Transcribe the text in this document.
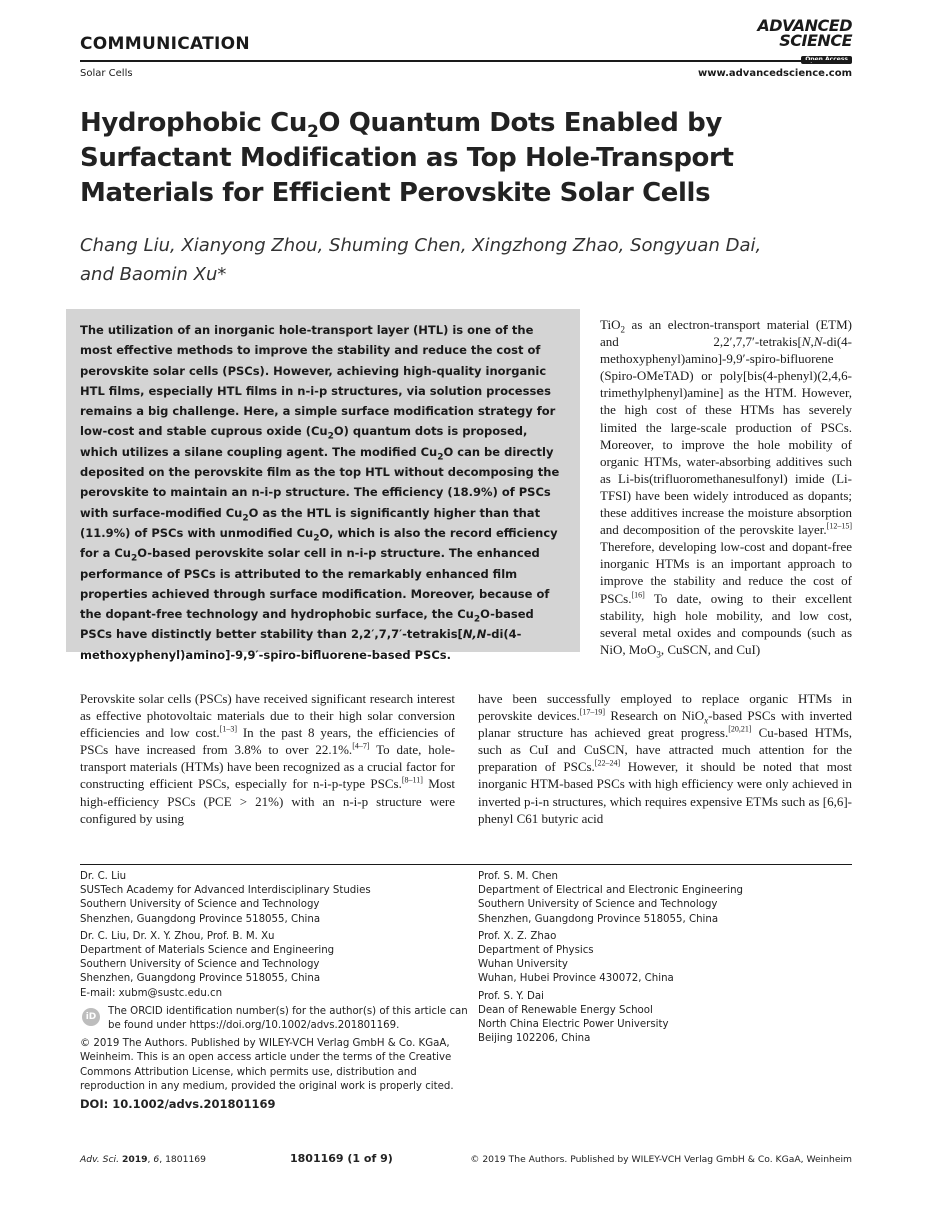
COMMUNICATION
ADVANCED
SCIENCE
Solar Cells	www.advancedscience.com
Hydrophobic $Cu_2O$ Quantum Dots Enabled by Surfactant Modification as Top Hole-Transport Materials for Efficient Perovskite Solar Cells
Chang Liu, Xianyong Zhou, Shuming Chen, Xingzhong Zhao, Songyuan Dai,
and Baomin Xu*
The utilization of an inorganic hole-transport layer (HTL) is one of the most effective methods to improve the stability and reduce the cost of perovskite solar cells (PSCs). However, achieving high-quality inorganic HTL films, especially HTL films in n-i-p structures, via solution processes remains a big challenge. Here, a simple surface modification strategy for low-cost and stable cuprous oxide $(Cu_2O)$ quantum dots is proposed, which utilizes a silane coupling agent. The modified $Cu_2O$ can be directly deposited on the perovskite film as the top HTL without decomposing the perovskite to maintain an n-i-p structure. The efficiency (18.9%) of PSCs with surface-modified $Cu_2O$ as the HTL is significantly higher than that (11.9%) of PSCs with unmodified $Cu_2O$, which is also the record efficiency for a $Cu_2O$-based perovskite solar cell in n-i-p structure. The enhanced performance of PSCs is attributed to the remarkably enhanced film properties achieved through surface modification. Moreover, because of the dopant-free technology and hydrophobic surface, the $Cu_2O$-based PSCs have distinctly better stability than 2,2′,7,7′-tetrakis[N,N-di(4-methoxyphenyl)amino]-9,9′-spiro-bifluorene-based PSCs.
TiO$_2$ as an electron-transport material (ETM) and 2,2′,7,7′-tetrakis[N,N-di(4-methoxyphenyl)amino]-9,9′-spiro-bifluorene (Spiro-OMeTAD) or poly[bis(4-phenyl)(2,4,6-trimethylphenyl)amine] as the HTM. However, the high cost of these HTMs has severely limited the large-scale production of PSCs. Moreover, to improve the hole mobility of organic HTMs, water-absorbing additives such as Li-bis(trifluoromethanesulfonyl) imide (Li-TFSI) have been widely introduced as dopants; these additives increase the moisture absorption and decomposition of the perovskite layer.[12–15] Therefore, developing low-cost and dopant-free inorganic HTMs is an important approach to improve the stability and reduce the cost of PSCs.[16] To date, owing to their excellent stability, high hole mobility, and low cost, several metal oxides and compounds (such as NiO, MoO$_3$, CuSCN, and CuI)
Perovskite solar cells (PSCs) have received significant research interest as effective photovoltaic materials due to their high solar conversion efficiencies and low cost.[1–3] In the past 8 years, the efficiencies of PSCs have increased from 3.8% to over 22.1%.[4–7] To date, hole-transport materials (HTMs) have been recognized as a crucial factor for constructing efficient PSCs, especially for n-i-p-type PSCs.[8–11] Most high-efficiency PSCs (PCE > 21%) with an n-i-p structure were configured by using
have been successfully employed to replace organic HTMs in perovskite devices.[17–19] Research on NiO$_x$-based PSCs with inverted planar structure has achieved great progress.[20,21] Cu-based HTMs, such as CuI and CuSCN, have attracted much attention for the preparation of PSCs.[22–24] However, it should be noted that most inorganic HTM-based PSCs with high efficiency were only achieved in inverted p-i-n structures, which requires expensive ETMs such as [6,6]-phenyl C61 butyric acid

Dr. C. Liu

SUSTech Academy for Advanced Interdisciplinary Studies

Southern University of Science and Technology

Shenzhen, Guangdong Province 518055, China

Dr. C. Liu, Dr. X. Y. Zhou, Prof. B. M. Xu

Department of Materials Science and Engineering

Southern University of Science and Technology

Shenzhen, Guangdong Province 518055, China

E-mail: xubm@sustc.edu.cn

iD	The ORCID identification number(s) for the author(s) of this article can be found under https://doi.org/10.1002/advs.201801169.

© 2019 The Authors. Published by WILEY-VCH Verlag GmbH & Co. KGaA, Weinheim. This is an open access article under the terms of the Creative Commons Attribution License, which permits use, distribution and reproduction in any medium, provided the original work is properly cited.

DOI: 10.1002/advs.201801169

Prof. S. M. Chen

Department of Electrical and Electronic Engineering

Southern University of Science and Technology

Shenzhen, Guangdong Province 518055, China

Prof. X. Z. Zhao

Department of Physics

Wuhan University

Wuhan, Hubei Province 430072, China

Prof. S. Y. Dai

Dean of Renewable Energy School

North China Electric Power University

Beijing 102206, China

Adv. Sci. 2019, 6, 1801169	1801169 (1 of 9)	© 2019 The Authors. Published by WILEY-VCH Verlag GmbH & Co. KGaA, Weinheim
